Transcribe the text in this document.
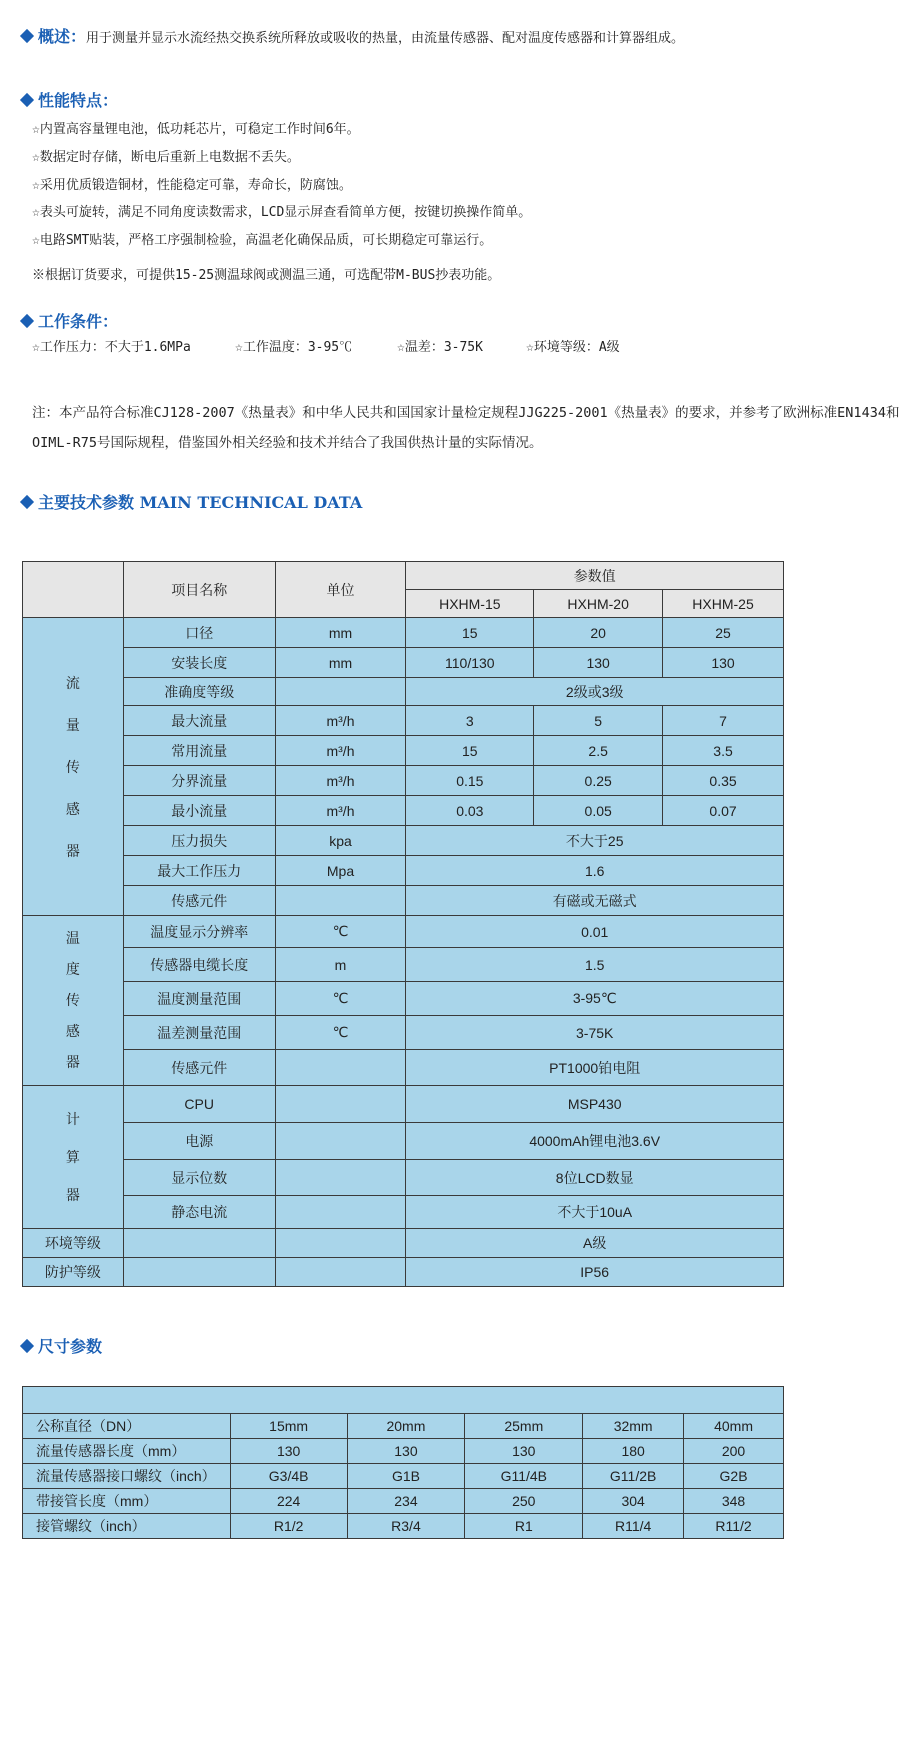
概述：用于测量并显示水流经热交换系统所释放或吸收的热量，由流量传感器、配对温度传感器和计算器组成。
性能特点：
☆内置高容量锂电池，低功耗芯片，可稳定工作时间6年。
☆数据定时存储，断电后重新上电数据不丢失。
☆采用优质锻造铜材，性能稳定可靠，寿命长，防腐蚀。
☆表头可旋转，满足不同角度读数需求，LCD显示屏查看简单方便，按键切换操作简单。
☆电路SMT贴装，严格工序强制检验，高温老化确保品质，可长期稳定可靠运行。
※根据订货要求，可提供15-25测温球阀或测温三通，可选配带M-BUS抄表功能。
工作条件：
☆工作压力：不大于1.6MPa	☆工作温度：3-95℃	☆温差：3-75K	☆环境等级：A级
注：本产品符合标准CJ128-2007《热量表》和中华人民共和国国家计量检定规程JJG225-2001《热量表》的要求，并参考了欧洲标准EN1434和OIML-R75号国际规程，借鉴国外相关经验和技术并结合了我国供热计量的实际情况。
主要技术参数 MAIN TECHNICAL DATA
	项目名称	单位	参数值		
			HXHM-15	HXHM-20	HXHM-25

流
量
传
感
器	口径	mm	15	20	25
	安装长度	mm	110/130	130	130
	准确度等级		2级或3级		
	最大流量	m³/h	3	5	7
	常用流量	m³/h	15	2.5	3.5
	分界流量	m³/h	0.15	0.25	0.35
	最小流量	m³/h	0.03	0.05	0.07
	压力损失	kpa	不大于25		
	最大工作压力	Mpa	1.6		
	传感元件		有磁或无磁式		

温
度
传
感
器	温度显示分辨率	℃	0.01		
	传感器电缆长度	m	1.5		
	温度测量范围	℃	3-95℃		
	温差测量范围	℃	3-75K		
	传感元件		PT1000铂电阻		

计
算
器	CPU		MSP430		
	电源		4000mAh锂电池3.6V		
	显示位数		8位LCD数显		
	静态电流		不大于10uA		
环境等级			A级		
防护等级			IP56		
尺寸参数

公称直径（DN）	15mm	20mm	25mm	32mm	40mm
流量传感器长度（mm）	130	130	130	180	200
流量传感器接口螺纹（inch）	G3/4B	G1B	G11/4B	G11/2B	G2B
带接管长度（mm）	224	234	250	304	348
接管螺纹（inch）	R1/2	R3/4	R1	R11/4	R11/2
